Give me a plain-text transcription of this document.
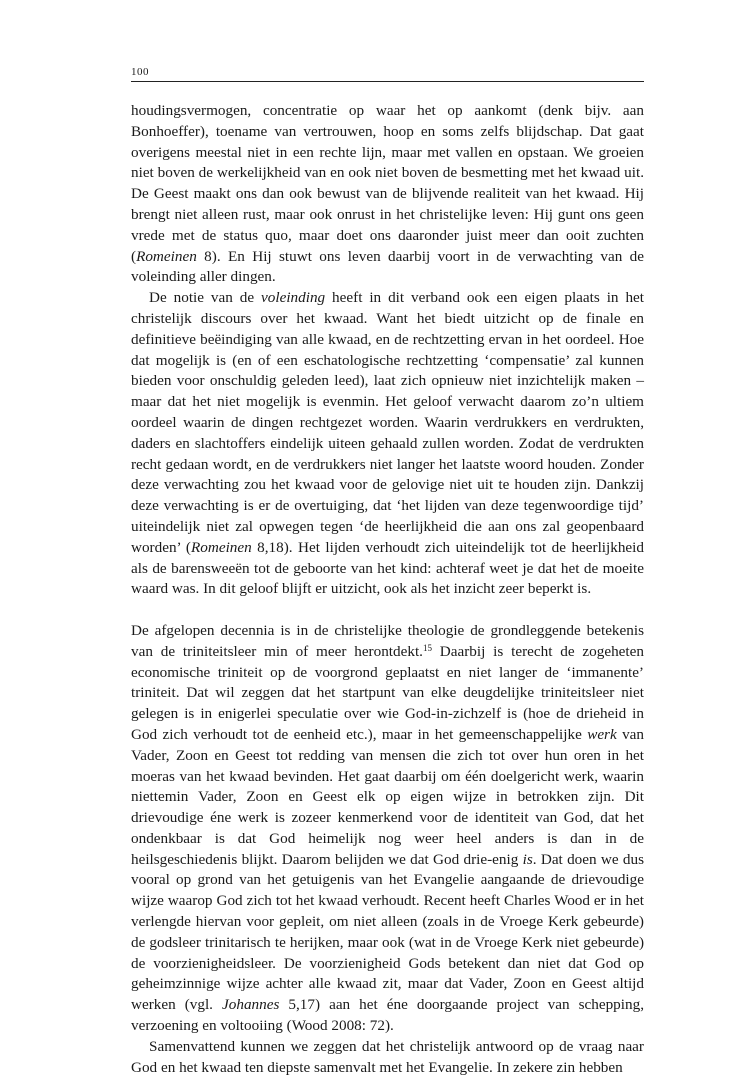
100

houdingsvermogen, concentratie op waar het op aankomt (denk bijv. aan Bonhoeffer), toename van vertrouwen, hoop en soms zelfs blijdschap. Dat gaat overigens meestal niet in een rechte lijn, maar met vallen en opstaan. We groeien niet boven de werkelijkheid van en ook niet boven de besmetting met het kwaad uit. De Geest maakt ons dan ook bewust van de blijvende realiteit van het kwaad. Hij brengt niet alleen rust, maar ook onrust in het christelijke leven: Hij gunt ons geen vrede met de status quo, maar doet ons daaronder juist meer dan ooit zuchten (Romeinen 8). En Hij stuwt ons leven daarbij voort in de verwachting van de voleinding aller dingen.

De notie van de voleinding heeft in dit verband ook een eigen plaats in het christelijk discours over het kwaad. Want het biedt uitzicht op de finale en definitieve beëindiging van alle kwaad, en de rechtzetting ervan in het oordeel. Hoe dat mogelijk is (en of een eschatologische rechtzetting ‘compensatie’ zal kunnen bieden voor onschuldig geleden leed), laat zich opnieuw niet inzichtelijk maken – maar dat het niet mogelijk is evenmin. Het geloof verwacht daarom zo’n ultiem oordeel waarin de dingen rechtgezet worden. Waarin verdrukkers en verdrukten, daders en slachtoffers eindelijk uiteen gehaald zullen worden. Zodat de verdrukten recht gedaan wordt, en de verdrukkers niet langer het laatste woord houden. Zonder deze verwachting zou het kwaad voor de gelovige niet uit te houden zijn. Dankzij deze verwachting is er de overtuiging, dat ‘het lijden van deze tegenwoordige tijd’ uiteindelijk niet zal opwegen tegen ‘de heerlijkheid die aan ons zal geopenbaard worden’ (Romeinen 8,18). Het lijden verhoudt zich uiteindelijk tot de heerlijkheid als de barensweeën tot de geboorte van het kind: achteraf weet je dat het de moeite waard was. In dit geloof blijft er uitzicht, ook als het inzicht zeer beperkt is.

De afgelopen decennia is in de christelijke theologie de grondleggende betekenis van de triniteitsleer min of meer herontdekt.$^{15}$ Daarbij is terecht de zogeheten economische triniteit op de voorgrond geplaatst en niet langer de ‘immanente’ triniteit. Dat wil zeggen dat het startpunt van elke deugdelijke triniteitsleer niet gelegen is in enigerlei speculatie over wie God-in-zichzelf is (hoe de drieheid in God zich verhoudt tot de eenheid etc.), maar in het gemeenschappelijke werk van Vader, Zoon en Geest tot redding van mensen die zich tot over hun oren in het moeras van het kwaad bevinden. Het gaat daarbij om één doelgericht werk, waarin niettemin Vader, Zoon en Geest elk op eigen wijze in betrokken zijn. Dit drievoudige éne werk is zozeer kenmerkend voor de identiteit van God, dat het ondenkbaar is dat God heimelijk nog weer heel anders is dan in de heilsgeschiedenis blijkt. Daarom belijden we dat God drie-enig is. Dat doen we dus vooral op grond van het getuigenis van het Evangelie aangaande de drievoudige wijze waarop God zich tot het kwaad verhoudt. Recent heeft Charles Wood er in het verlengde hiervan voor gepleit, om niet alleen (zoals in de Vroege Kerk gebeurde) de godsleer trinitarisch te herijken, maar ook (wat in de Vroege Kerk niet gebeurde) de voorzienigheidsleer. De voorzienigheid Gods betekent dan niet dat God op geheimzinnige wijze achter alle kwaad zit, maar dat Vader, Zoon en Geest altijd werken (vgl. Johannes 5,17) aan het éne doorgaande project van schepping, verzoening en voltooiing (Wood 2008: 72).

Samenvattend kunnen we zeggen dat het christelijk antwoord op de vraag naar God en het kwaad ten diepste samenvalt met het Evangelie. In zekere zin hebben
